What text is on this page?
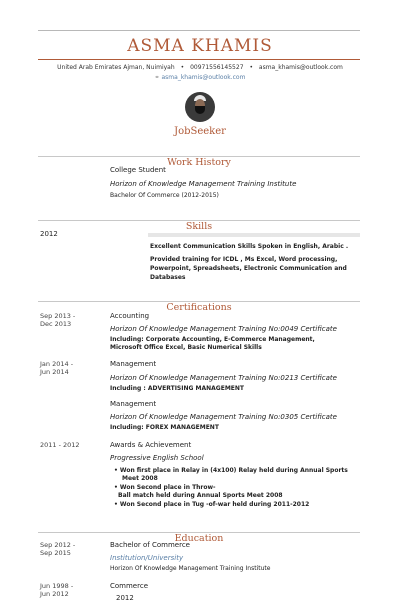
ASMA KHAMIS
United Arab Emirates Ajman, Nuimiyah • 00971556145527 • asma_khamis@outlook.com
⚭ asma_khamis@outlook.com
JobSeeker
Work History
College Student
Horizon of Knowledge Management Training Institute
Bachelor Of Commerce (2012-2015)
Skills
2012
Excellent Communication Skills Spoken in English, Arabic .
Provided training for ICDL , Ms Excel, Word processing,
Powerpoint, Spreadsheets, Electronic Communication and
Databases
Certifications
Sep 2013 -
Dec 2013
Accounting
Horizon Of Knowledge Management Training No:0049 Certificate
Including: Corporate Accounting, E-Commerce Management,
Microsoft Office Excel, Basic Numerical Skills
Jan 2014 -
Jun 2014
Management
Horizon Of Knowledge Management Training No:0213 Certificate
Including : ADVERTISING MANAGEMENT
Management
Horizon Of Knowledge Management Training No:0305 Certificate
Including: FOREX MANAGEMENT
2011 - 2012	Awards & Achievement
Progressive English School
• Won first place in Relay in (4x100) Relay held during Annual Sports
Meet 2008
• Won Second place in Throw-
Ball match held during Annual Sports Meet 2008
• Won Second place in Tug -of-war held during 2011-2012
Education
Sep 2012 -
Sep 2015
Bachelor of Commerce
Institution/University
Horizon Of Knowledge Management Training Institute
Jun 1998 -
Jun 2012
Commerce
2012
